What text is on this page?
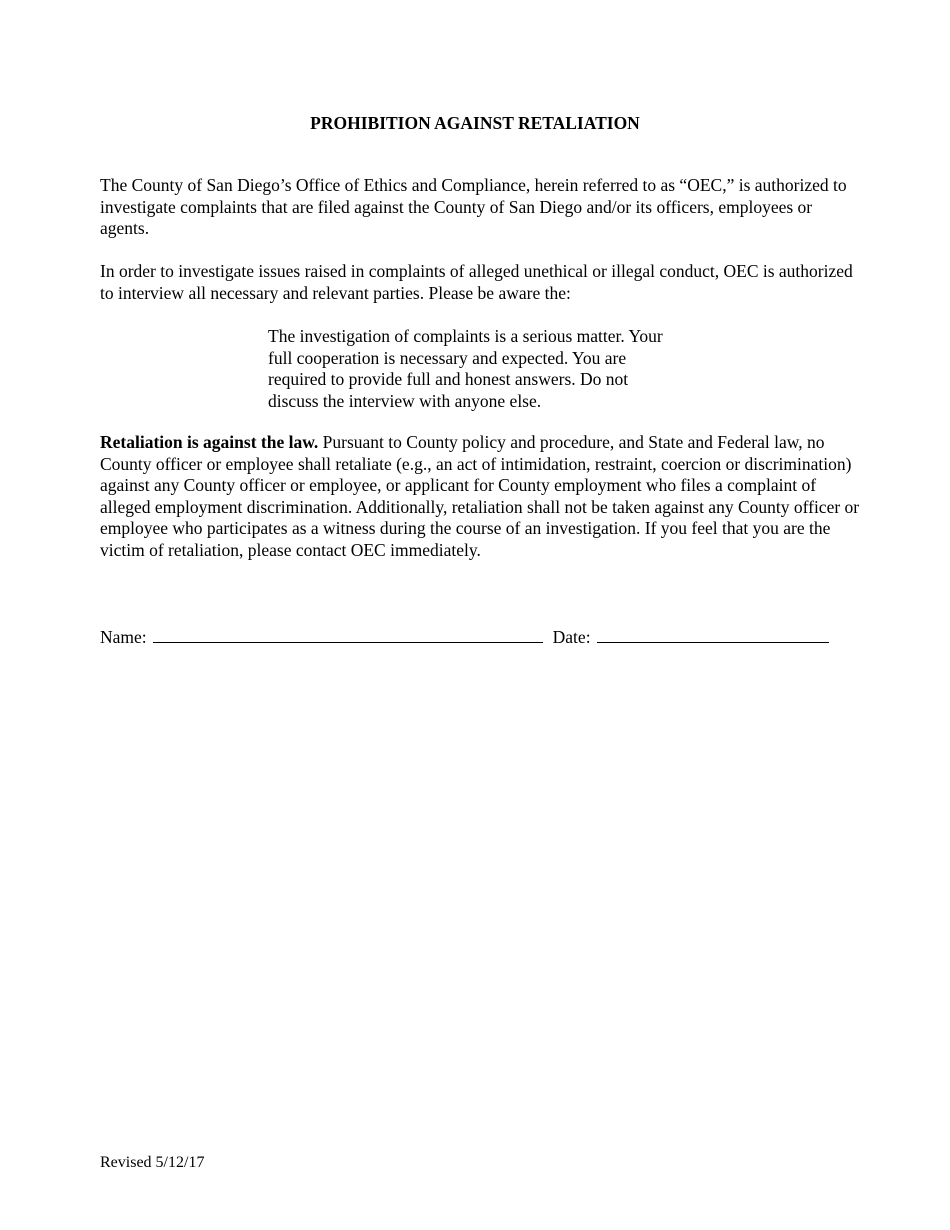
PROHIBITION AGAINST RETALIATION

The County of San Diego’s Office of Ethics and Compliance, herein referred to as “OEC,” is authorized to investigate complaints that are filed against the County of San Diego and/or its officers, employees or agents.

In order to investigate issues raised in complaints of alleged unethical or illegal conduct, OEC is authorized to interview all necessary and relevant parties. Please be aware the:

The investigation of complaints is a serious matter. Your
full cooperation is necessary and expected. You are
required to provide full and honest answers. Do not
discuss the interview with anyone else.

Retaliation is against the law. Pursuant to County policy and procedure, and State and Federal law, no County officer or employee shall retaliate (e.g., an act of intimidation, restraint, coercion or discrimination) against any County officer or employee, or applicant for County employment who files a complaint of alleged employment discrimination. Additionally, retaliation shall not be taken against any County officer or employee who participates as a witness during the course of an investigation. If you feel that you are the victim of retaliation, please contact OEC immediately.

Name:	Date:
Revised 5/12/17
